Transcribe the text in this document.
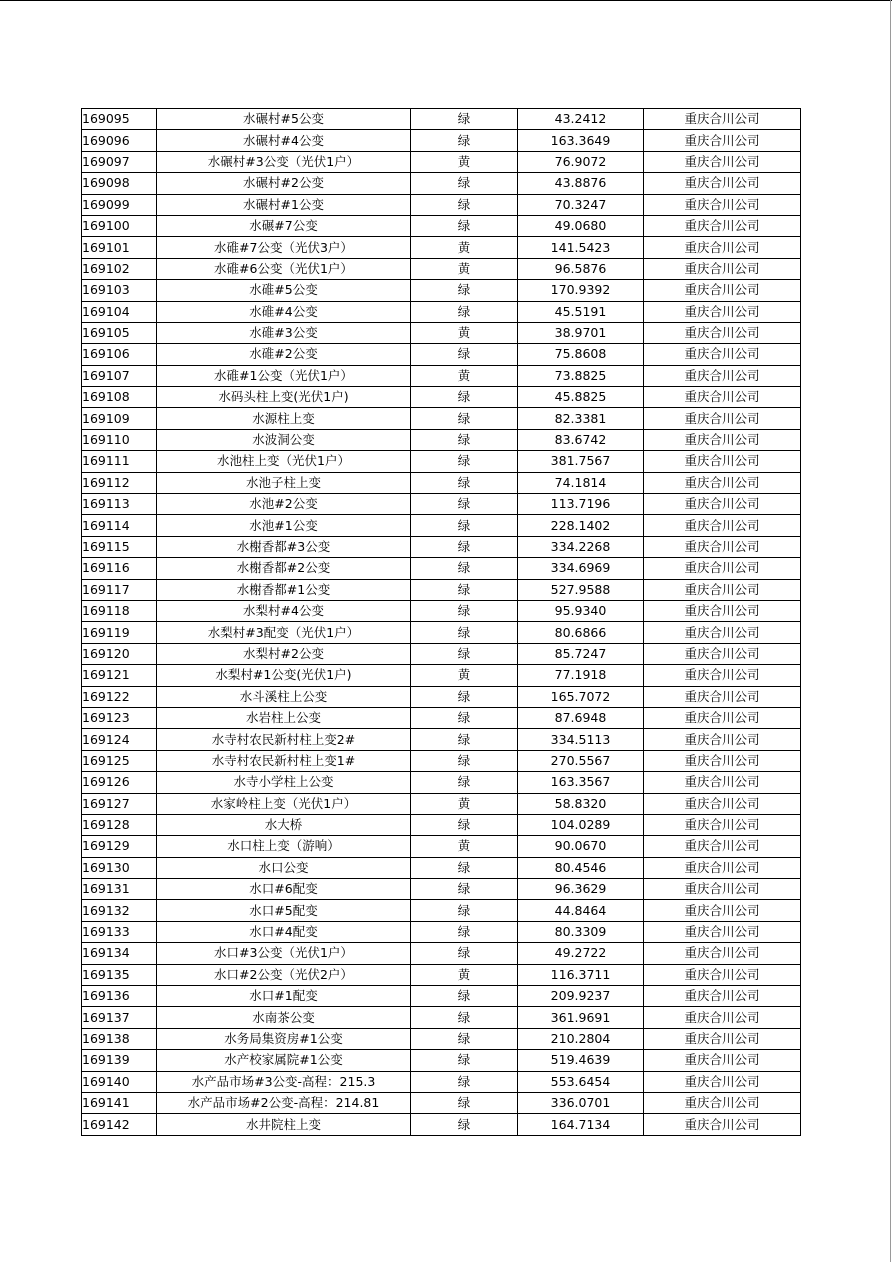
169095	水碾村#5公变	绿	43.2412	重庆合川公司
169096	水碾村#4公变	绿	163.3649	重庆合川公司
169097	水碾村#3公变（光伏1户）	黄	76.9072	重庆合川公司
169098	水碾村#2公变	绿	43.8876	重庆合川公司
169099	水碾村#1公变	绿	70.3247	重庆合川公司
169100	水碾#7公变	绿	49.0680	重庆合川公司
169101	水碓#7公变（光伏3户）	黄	141.5423	重庆合川公司
169102	水碓#6公变（光伏1户）	黄	96.5876	重庆合川公司
169103	水碓#5公变	绿	170.9392	重庆合川公司
169104	水碓#4公变	绿	45.5191	重庆合川公司
169105	水碓#3公变	黄	38.9701	重庆合川公司
169106	水碓#2公变	绿	75.8608	重庆合川公司
169107	水碓#1公变（光伏1户）	黄	73.8825	重庆合川公司
169108	水码头柱上变(光伏1户)	绿	45.8825	重庆合川公司
169109	水源柱上变	绿	82.3381	重庆合川公司
169110	水波洞公变	绿	83.6742	重庆合川公司
169111	水池柱上变（光伏1户）	绿	381.7567	重庆合川公司
169112	水池子柱上变	绿	74.1814	重庆合川公司
169113	水池#2公变	绿	113.7196	重庆合川公司
169114	水池#1公变	绿	228.1402	重庆合川公司
169115	水榭香都#3公变	绿	334.2268	重庆合川公司
169116	水榭香都#2公变	绿	334.6969	重庆合川公司
169117	水榭香都#1公变	绿	527.9588	重庆合川公司
169118	水梨村#4公变	绿	95.9340	重庆合川公司
169119	水梨村#3配变（光伏1户）	绿	80.6866	重庆合川公司
169120	水梨村#2公变	绿	85.7247	重庆合川公司
169121	水梨村#1公变(光伏1户)	黄	77.1918	重庆合川公司
169122	水斗溪柱上公变	绿	165.7072	重庆合川公司
169123	水岩柱上公变	绿	87.6948	重庆合川公司
169124	水寺村农民新村柱上变2#	绿	334.5113	重庆合川公司
169125	水寺村农民新村柱上变1#	绿	270.5567	重庆合川公司
169126	水寺小学柱上公变	绿	163.3567	重庆合川公司
169127	水家岭柱上变（光伏1户）	黄	58.8320	重庆合川公司
169128	水大桥	绿	104.0289	重庆合川公司
169129	水口柱上变（游响）	黄	90.0670	重庆合川公司
169130	水口公变	绿	80.4546	重庆合川公司
169131	水口#6配变	绿	96.3629	重庆合川公司
169132	水口#5配变	绿	44.8464	重庆合川公司
169133	水口#4配变	绿	80.3309	重庆合川公司
169134	水口#3公变（光伏1户）	绿	49.2722	重庆合川公司
169135	水口#2公变（光伏2户）	黄	116.3711	重庆合川公司
169136	水口#1配变	绿	209.9237	重庆合川公司
169137	水南茶公变	绿	361.9691	重庆合川公司
169138	水务局集资房#1公变	绿	210.2804	重庆合川公司
169139	水产校家属院#1公变	绿	519.4639	重庆合川公司
169140	水产品市场#3公变-高程：215.3	绿	553.6454	重庆合川公司
169141	水产品市场#2公变-高程：214.81	绿	336.0701	重庆合川公司
169142	水井院柱上变	绿	164.7134	重庆合川公司
